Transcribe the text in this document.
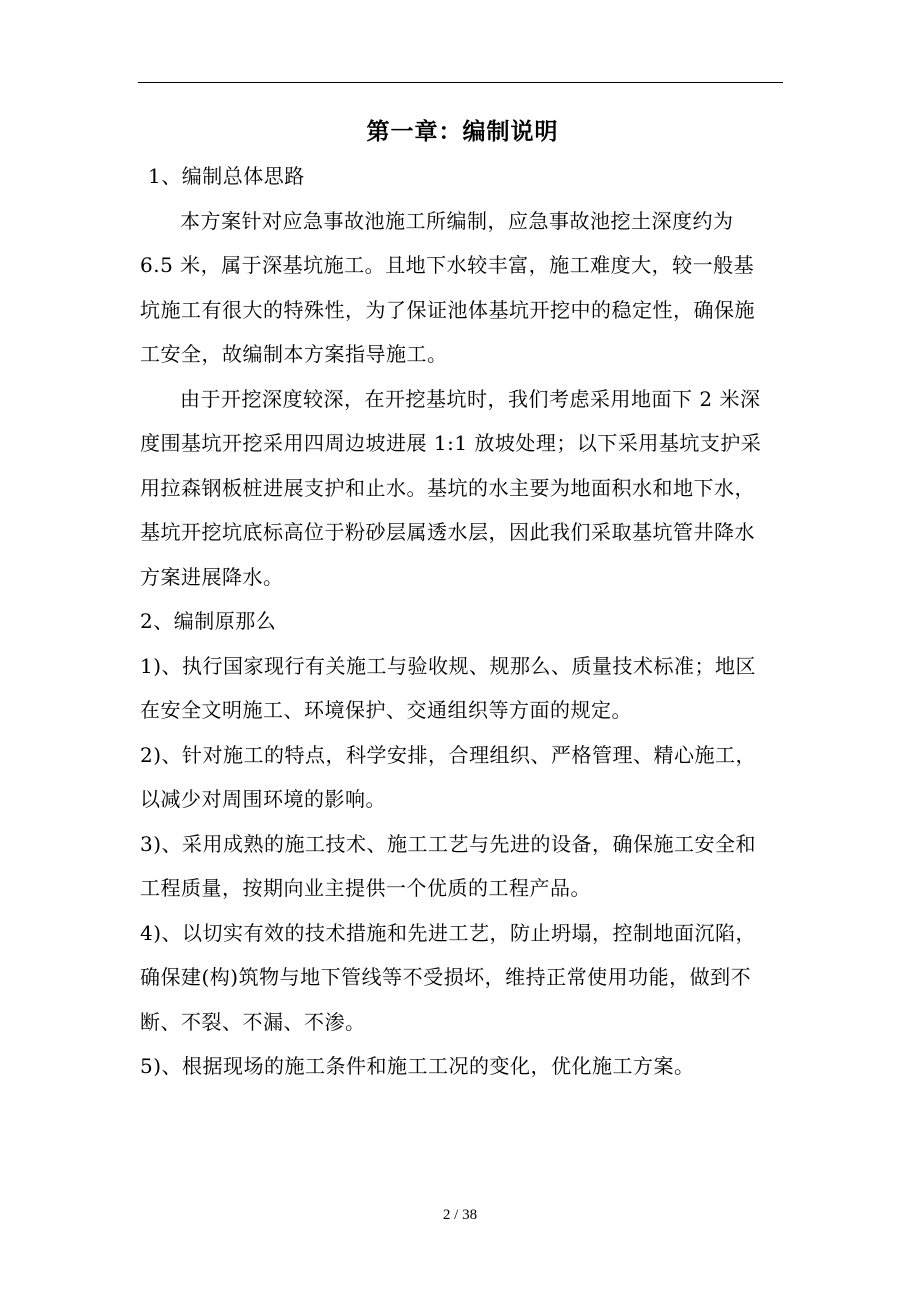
第一章：编制说明

1、编制总体思路

本方案针对应急事故池施工所编制，应急事故池挖土深度约为

6.5 米，属于深基坑施工。且地下水较丰富，施工难度大，较一般基

坑施工有很大的特殊性，为了保证池体基坑开挖中的稳定性，确保施

工安全，故编制本方案指导施工。

由于开挖深度较深，在开挖基坑时，我们考虑采用地面下 2 米深

度围基坑开挖采用四周边坡进展 1:1 放坡处理；以下采用基坑支护采

用拉森钢板桩进展支护和止水。基坑的水主要为地面积水和地下水，

基坑开挖坑底标高位于粉砂层属透水层，因此我们采取基坑管井降水

方案进展降水。

2、编制原那么

1)、执行国家现行有关施工与验收规、规那么、质量技术标准；地区

在安全文明施工、环境保护、交通组织等方面的规定。

2)、针对施工的特点，科学安排，合理组织、严格管理、精心施工，

以减少对周围环境的影响。

3)、采用成熟的施工技术、施工工艺与先进的设备，确保施工安全和

工程质量，按期向业主提供一个优质的工程产品。

4)、以切实有效的技术措施和先进工艺，防止坍塌，控制地面沉陷，

确保建(构)筑物与地下管线等不受损坏，维持正常使用功能，做到不

断、不裂、不漏、不渗。

5)、根据现场的施工条件和施工工况的变化，优化施工方案。

2 / 38
